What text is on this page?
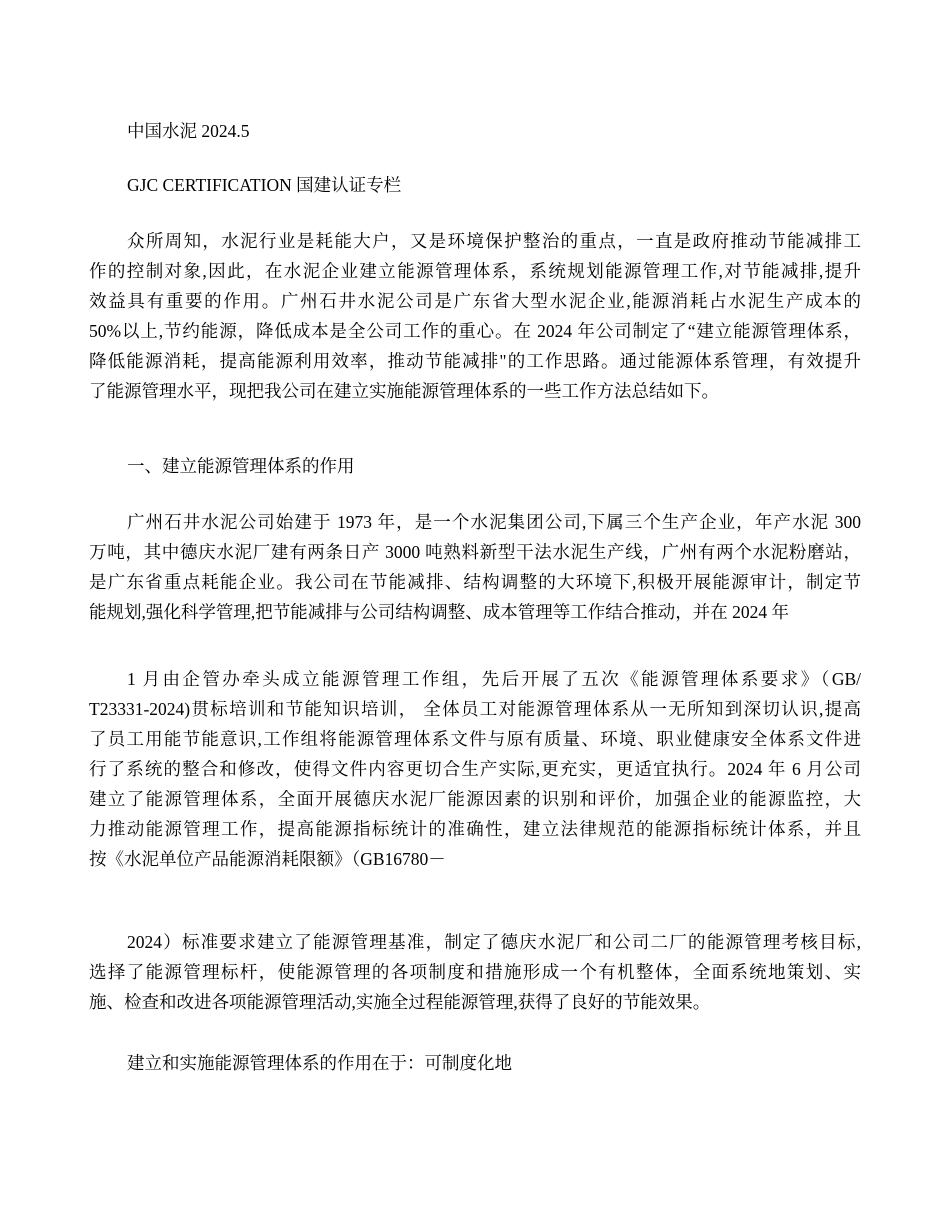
中国水泥 2024.5

GJC CERTIFICATION 国建认证专栏

众所周知，水泥行业是耗能大户，又是环境保护整治的重点，一直是政府推动节能减排工
作的控制对象,因此，在水泥企业建立能源管理体系，系统规划能源管理工作,对节能减排,提升
效益具有重要的作用。广州石井水泥公司是广东省大型水泥企业,能源消耗占水泥生产成本的
50%以上,节约能源，降低成本是全公司工作的重心。在 2024 年公司制定了“建立能源管理体系，
降低能源消耗，提高能源利用效率，推动节能减排"的工作思路。通过能源体系管理，有效提升
了能源管理水平，现把我公司在建立实施能源管理体系的一些工作方法总结如下。
一、建立能源管理体系的作用
广州石井水泥公司始建于 1973 年，是一个水泥集团公司,下属三个生产企业，年产水泥 300
万吨，其中德庆水泥厂建有两条日产 3000 吨熟料新型干法水泥生产线，广州有两个水泥粉磨站，
是广东省重点耗能企业。我公司在节能减排、结构调整的大环境下,积极开展能源审计，制定节
能规划,强化科学管理,把节能减排与公司结构调整、成本管理等工作结合推动，并在 2024 年
1 月由企管办牵头成立能源管理工作组，先后开展了五次《能源管理体系要求》（GB/
T23331-2024)贯标培训和节能知识培训， 全体员工对能源管理体系从一无所知到深切认识,提高
了员工用能节能意识,工作组将能源管理体系文件与原有质量、环境、职业健康安全体系文件进
行了系统的整合和修改，使得文件内容更切合生产实际,更充实，更适宜执行。2024 年 6 月公司
建立了能源管理体系，全面开展德庆水泥厂能源因素的识别和评价，加强企业的能源监控，大
力推动能源管理工作，提高能源指标统计的准确性，建立法律规范的能源指标统计体系，并且
按《水泥单位产品能源消耗限额》（GB16780－
2024）标准要求建立了能源管理基准，制定了德庆水泥厂和公司二厂的能源管理考核目标,
选择了能源管理标杆，使能源管理的各项制度和措施形成一个有机整体，全面系统地策划、实
施、检查和改进各项能源管理活动,实施全过程能源管理,获得了良好的节能效果。
建立和实施能源管理体系的作用在于：可制度化地
